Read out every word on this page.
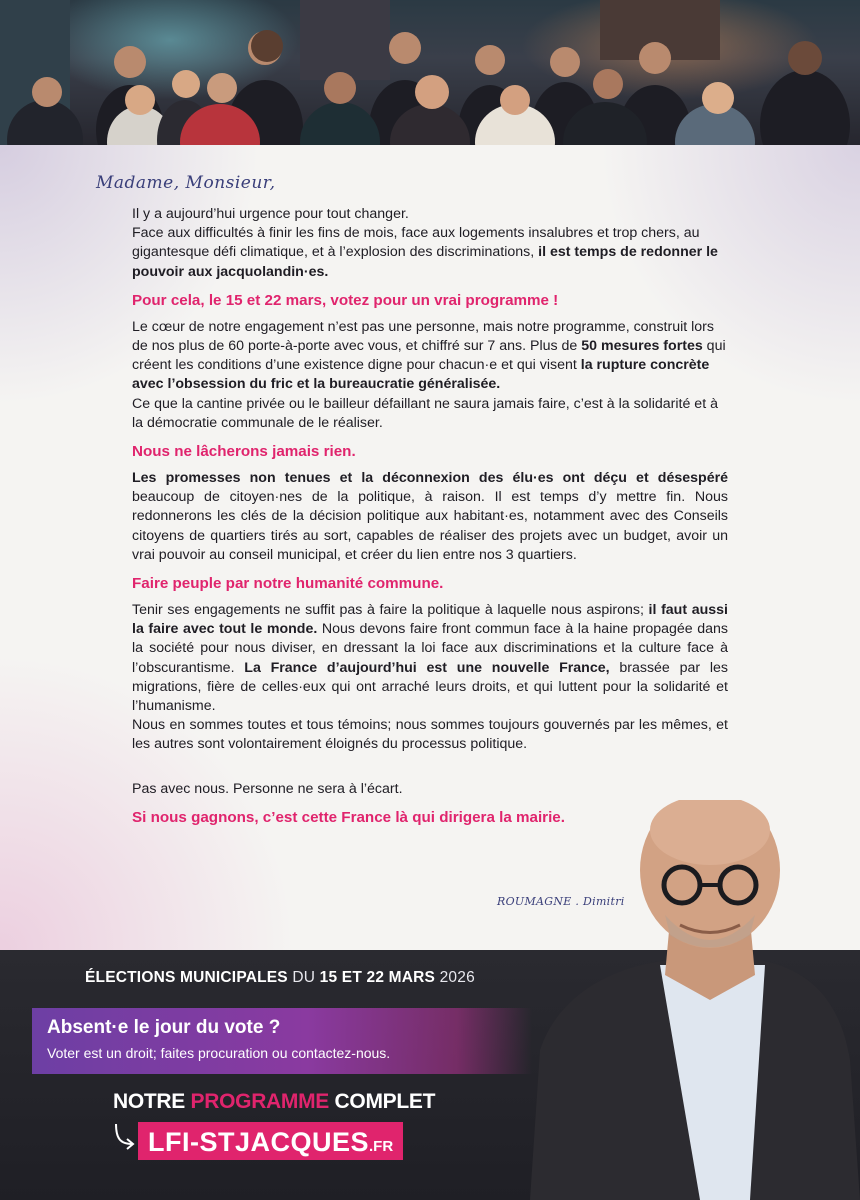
Madame, Monsieur,

Il y a aujourd’hui urgence pour tout changer.

Face aux difficultés à finir les fins de mois, face aux logements insalubres et trop chers, au gigantesque défi climatique, et à l’explosion des discriminations, il est temps de redonner le pouvoir aux jacquolandin·es.

Pour cela, le 15 et 22 mars, votez pour un vrai programme !

Le cœur de notre engagement n’est pas une personne, mais notre programme, construit lors de nos plus de 60 porte-à-porte avec vous, et chiffré sur 7 ans. Plus de 50 mesures fortes qui créent les conditions d’une existence digne pour chacun·e et qui visent la rupture concrète avec l’obsession du fric et la bureaucratie généralisée.

Ce que la cantine privée ou le bailleur défaillant ne saura jamais faire, c’est à la solidarité et à la démocratie communale de le réaliser.

Nous ne lâcherons jamais rien.

Les promesses non tenues et la déconnexion des élu·es ont déçu et désespéré beaucoup de citoyen·nes de la politique, à raison. Il est temps d’y mettre fin. Nous redonnerons les clés de la décision politique aux habitant·es, notamment avec des Conseils citoyens de quartiers tirés au sort, capables de réaliser des projets avec un budget, avoir un vrai pouvoir au conseil municipal, et créer du lien entre nos 3 quartiers.

Faire peuple par notre humanité commune.

Tenir ses engagements ne suffit pas à faire la politique à laquelle nous aspirons; il faut aussi la faire avec tout le monde. Nous devons faire front commun face à la haine propagée dans la société pour nous diviser, en dressant la loi face aux discriminations et la culture face à l’obscurantisme. La France d’aujourd’hui est une nouvelle France, brassée par les migrations, fière de celles·eux qui ont arraché leurs droits, et qui luttent pour la solidarité et l’humanisme.

Nous en sommes toutes et tous témoins; nous sommes toujours gouvernés par les mêmes, et les autres sont volontairement éloignés du processus politique.

Pas avec nous. Personne ne sera à l’écart.

Si nous gagnons, c’est cette France là qui dirigera la mairie.
ROUMAGNE . Dimitri
ÉLECTIONS MUNICIPALES DU 15 ET 22 MARS 2026
Absent·e le jour du vote ?
Voter est un droit; faites procuration ou contactez-nous.
NOTRE PROGRAMME COMPLET
LFI-STJACQUES.FR
